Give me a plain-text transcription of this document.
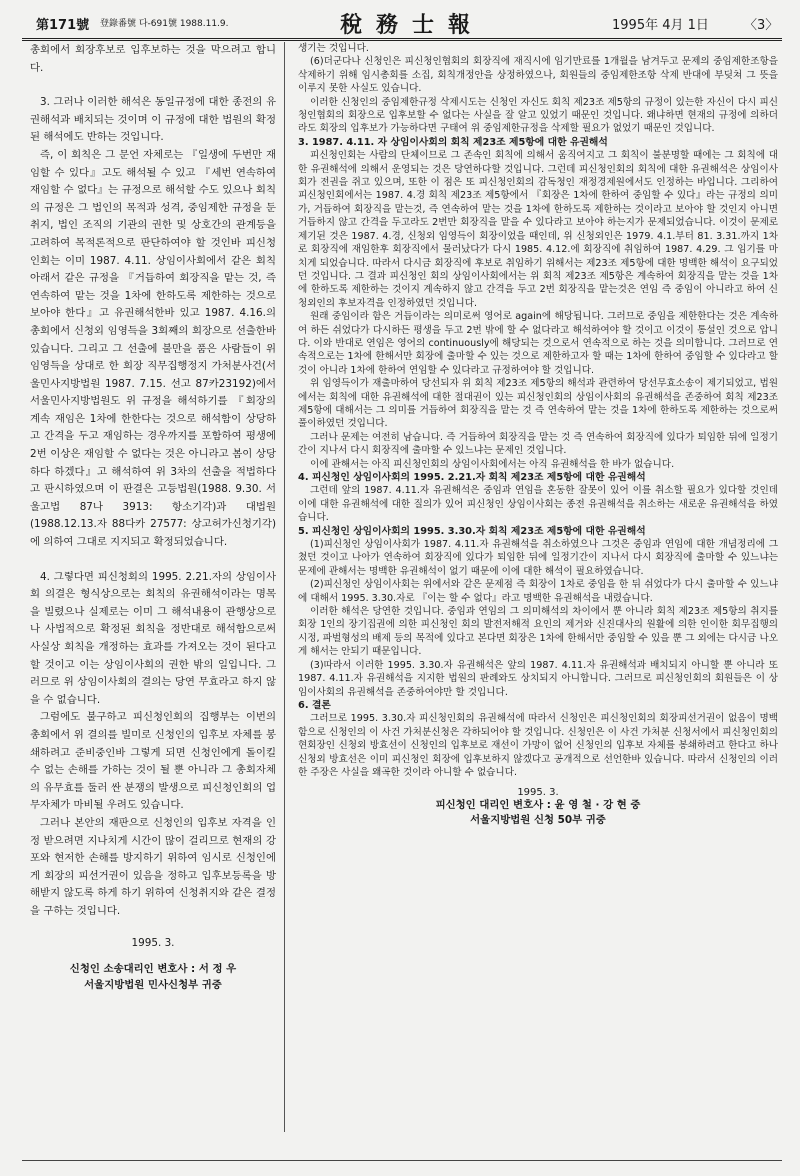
第171號 登錄番號 다-691號 1988.11.9.	稅務士報	1995年 4月 1日	〈3〉

총회에서 회장후보로 입후보하는 것을 막으려고 합니다.

3. 그러나 이러한 해석은 동일규정에 대한 종전의 유권해석과 배치되는 것이며 이 규정에 대한 법원의 확정된 해석에도 반하는 것입니다.

즉, 이 회칙은 그 문언 자체로는 『일생에 두번만 재임할 수 있다』고도 해석될 수 있고 『세번 연속하여 재임할 수 없다』는 규정으로 해석할 수도 있으나 회칙의 규정은 그 법인의 목적과 성격, 중임제한 규정을 둔 취지, 법인 조직의 기관의 권한 및 상호간의 관계등을 고려하여 목적론적으로 판단하여야 할 것인바 피신청인회는 이미 1987. 4.11. 상임이사회에서 같은 회칙 아래서 같은 규정을 『거듭하여 회장직을 맡는 것, 즉 연속하여 맡는 것을 1차에 한하도록 제한하는 것으로 보아야 한다』고 유권해석한바 있고 1987. 4.16.의 총회에서 신청외 임영득을 3회째의 회장으로 선출한바 있습니다. 그리고 그 선출에 불만을 품은 사람들이 위 임영득을 상대로 한 회장 직무집행정지 가처분사건(서울민사지방법원 1987. 7.15. 선고 87카23192)에서 서울민사지방법원도 위 규정을 해석하기를 『회장의 계속 재임은 1차에 한한다는 것으로 해석함이 상당하고 간격을 두고 재임하는 경우까지를 포함하여 평생에 2번 이상은 재임할 수 없다는 것은 아니라고 봄이 상당하다 하겠다』고 해석하여 위 3차의 선출을 적법하다고 판시하였으며 이 판결은 고등법원(1988. 9.30. 서울고법 87나 3913: 항소기각)과 대법원(1988.12.13.자 88다카 27577: 상고허가신청기각)에 의하여 그대로 지지되고 확정되었습니다.

4. 그렇다면 피신청회의 1995. 2.21.자의 상임이사회 의결은 형식상으로는 회칙의 유권해석이라는 명목을 빌렸으나 실제로는 이미 그 해석내용이 관행상으로나 사법적으로 확정된 회칙을 정반대로 해석함으로써 사실상 회칙을 개정하는 효과를 가져오는 것이 된다고 할 것이고 이는 상임이사회의 권한 밖의 일입니다. 그러므로 위 상임이사회의 결의는 당연 무효라고 하지 않을 수 없습니다.

그럼에도 불구하고 피신청인회의 집행부는 이번의 총회에서 위 결의를 빌미로 신청인의 입후보 자체를 봉쇄하려고 준비중인바 그렇게 되면 신청인에게 돌이킬 수 없는 손해를 가하는 것이 될 뿐 아니라 그 총회자체의 유무효를 둘러 싼 분쟁의 발생으로 피신청인회의 업무자체가 마비될 우려도 있습니다.

그러나 본안의 재판으로 신청인의 입후보 자격을 인정 받으려면 지나치게 시간이 많이 걸리므로 현재의 강포와 현저한 손해를 방지하기 위하여 임시로 신청인에게 회장의 피선거권이 있음을 정하고 입후보등록을 방해받지 않도록 하게 하기 위하여 신청취지와 같은 결정을 구하는 것입니다.

1995. 3.
신청인 소송대리인 변호사 : 서 정 우
서울지방법원 민사신청부 귀중

생기는 것입니다.

(6)더군다나 신청인은 피신청인협회의 회장직에 재직시에 임기만료를 1개월을 남겨두고 문제의 중임제한조항을 삭제하기 위해 임시총회를 소집, 회칙개정안을 상정하였으나, 회원들의 중임제한조항 삭제 반대에 부딪쳐 그 뜻을 이루지 못한 사실도 있습니다.

이러한 신청인의 중임제한규정 삭제시도는 신청인 자신도 회칙 제23조 제5항의 규정이 있는한 자신이 다시 피신청인협회의 회장으로 입후보할 수 없다는 사실을 잘 알고 있었기 때문인 것입니다. 왜냐하면 현재의 규정에 의하더라도 회장의 입후보가 가능하다면 구태여 위 중임제한규정을 삭제할 필요가 없었기 때문인 것입니다.

3. 1987. 4.11. 자 상임이사회의 회칙 제23조 제5항에 대한 유권해석

피신청인회는 사람의 단체이므로 그 존속인 회칙에 의해서 움직여지고 그 회칙이 불분명할 때에는 그 회칙에 대한 유권해석에 의해서 운영되는 것은 당연하다할 것입니다. 그런데 피신청인회의 회칙에 대한 유권해석은 상임이사회가 전권을 쥐고 있으며, 또한 이 점은 또 피신청인회의 감독청인 재정경제원에서도 인정하는 바입니다. 그리하여 피신청인회에서는 1987. 4.경 회칙 제23조 제5항에서 『회장은 1차에 한하여 중임할 수 있다』라는 규정의 의미가, 거듭하여 회장직을 맡는것, 즉 연속하여 맡는 것을 1차에 한하도록 제한하는 것이라고 보아야 할 것인지 아니면 거듭하지 않고 간격을 두고라도 2번만 회장직을 맡을 수 있다라고 보아야 하는지가 문제되었습니다. 이것이 문제로 제기된 것은 1987. 4.경, 신청외 임영득이 회장이었을 때인데, 위 신청외인은 1979. 4.1.부터 81. 3.31.까지 1차로 회장직에 재임한후 회장직에서 물러났다가 다시 1985. 4.12.에 회장직에 취임하여 1987. 4.29. 그 임기를 마치게 되었습니다. 따라서 다시금 회장직에 후보로 취임하기 위해서는 제23조 제5항에 대한 명백한 해석이 요구되었던 것입니다. 그 결과 피신청인 회의 상임이사회에서는 위 회칙 제23조 제5항은 계속하여 회장직을 맡는 것을 1차에 한하도록 제한하는 것이지 계속하지 않고 간격을 두고 2번 회장직을 맡는것은 연임 즉 중임이 아니라고 하여 신청외인의 후보자격을 인정하였던 것입니다.

원래 중임이라 함은 거듭이라는 의미로써 영어로 again에 해당됩니다. 그러므로 중임을 제한한다는 것은 계속하여 하든 쉬었다가 다시하든 평생을 두고 2번 밖에 할 수 없다라고 해석하여야 할 것이고 이것이 통설인 것으로 압니다. 이와 반대로 연임은 영어의 continuously에 해당되는 것으로서 연속적으로 하는 것을 의미합니다. 그러므로 연속적으로는 1차에 한해서만 회장에 출마할 수 있는 것으로 제한하고자 할 때는 1차에 한하여 중임할 수 있다라고 할 것이 아니라 1차에 한하여 연임할 수 있다라고 규정하여야 할 것입니다.

위 임영득이가 재출마하여 당선되자 위 회칙 제23조 제5항의 해석과 관련하여 당선무효소송이 제기되었고, 법원에서는 회칙에 대한 유권해석에 대한 절대권이 있는 피신청인회의 상임이사회의 유권해석을 존중하여 회칙 제23조 제5항에 대해서는 그 의미를 거듭하여 회장직을 맡는 것 즉 연속하여 맡는 것을 1차에 한하도록 제한하는 것으로써 풀이하였던 것입니다.

그러나 문제는 여전히 남습니다. 즉 거듭하여 회장직을 맡는 것 즉 연속하여 회장직에 있다가 퇴임한 뒤에 일정기간이 지나서 다시 회장직에 출마할 수 있느냐는 문제인 것입니다.

이에 관해서는 아직 피신청인회의 상임이사회에서는 아직 유권해석을 한 바가 없습니다.

4. 피신청인 상임이사회의 1995. 2.21.자 회칙 제23조 제5항에 대한 유권해석

그런데 앞의 1987. 4.11.자 유권해석은 중임과 연임을 혼동한 잘못이 있어 이를 취소할 필요가 있다할 것인데 이에 대한 유권해석에 대한 질의가 있어 피신청인 상임이사회는 종전 유권해석을 취소하는 새로운 유권해석을 하였습니다.

5. 피신청인 상임이사회의 1995. 3.30.자 회칙 제23조 제5항에 대한 유권해석

(1)피신청인 상임이사회가 1987. 4.11.자 유권해석을 취소하였으나 그것은 중임과 연임에 대한 개념정리에 그쳤던 것이고 나아가 연속하여 회장직에 있다가 퇴임한 뒤에 일정기간이 지나서 다시 회장직에 출마할 수 있느냐는 문제에 관해서는 명백한 유권해석이 없기 때문에 이에 대한 해석이 필요하였습니다.

(2)피신청인 상임이사회는 위에서와 같은 문제점 즉 회장이 1차로 중임을 한 뒤 쉬었다가 다시 출마할 수 있느냐에 대해서 1995. 3.30.자로 『이는 할 수 없다』라고 명백한 유권해석을 내렸습니다.

이러한 해석은 당연한 것입니다. 중임과 연임의 그 의미해석의 차이에서 뿐 아니라 회칙 제23조 제5항의 취지를 회장 1인의 장기집권에 의한 피신청인 회의 발전저해적 요인의 제거와 신진대사의 원활에 의한 인이한 회무집행의 시정, 파벌형성의 배제 등의 목적에 있다고 본다면 회장은 1차에 한해서만 중임할 수 있을 뿐 그 외에는 다시금 나오게 해서는 안되기 때문입니다.

(3)따라서 이러한 1995. 3.30.자 유권해석은 앞의 1987. 4.11.자 유권해석과 배치되지 아니할 뿐 아니라 또 1987. 4.11.자 유권해석을 지지한 법원의 판례와도 상치되지 아니합니다. 그러므로 피신청인회의 회원들은 이 상임이사회의 유권해석을 존중하여야만 할 것입니다.

6. 결론

그러므로 1995. 3.30.자 피신청인회의 유권해석에 따라서 신청인은 피신청인회의 회장피선거권이 없음이 명백함으로 신청인의 이 사건 가처분신청은 각하되어야 할 것입니다. 신청인은 이 사건 가처분 신청서에서 피신청인회의 현회장인 신청외 방효선이 신청인의 입후보로 재선이 가망이 없어 신청인의 입후보 자체를 봉쇄하려고 한다고 하나 신청외 방효선은 이미 피신청인 회장에 입후보하지 않겠다고 공개적으로 선언한바 있습니다. 따라서 신청인의 이러한 주장은 사실을 왜곡한 것이라 아니할 수 없습니다.

1995. 3.
피신청인 대리인 변호사 : 윤 영 철 · 강 현 중
서울지방법원 신청 50부 귀중
